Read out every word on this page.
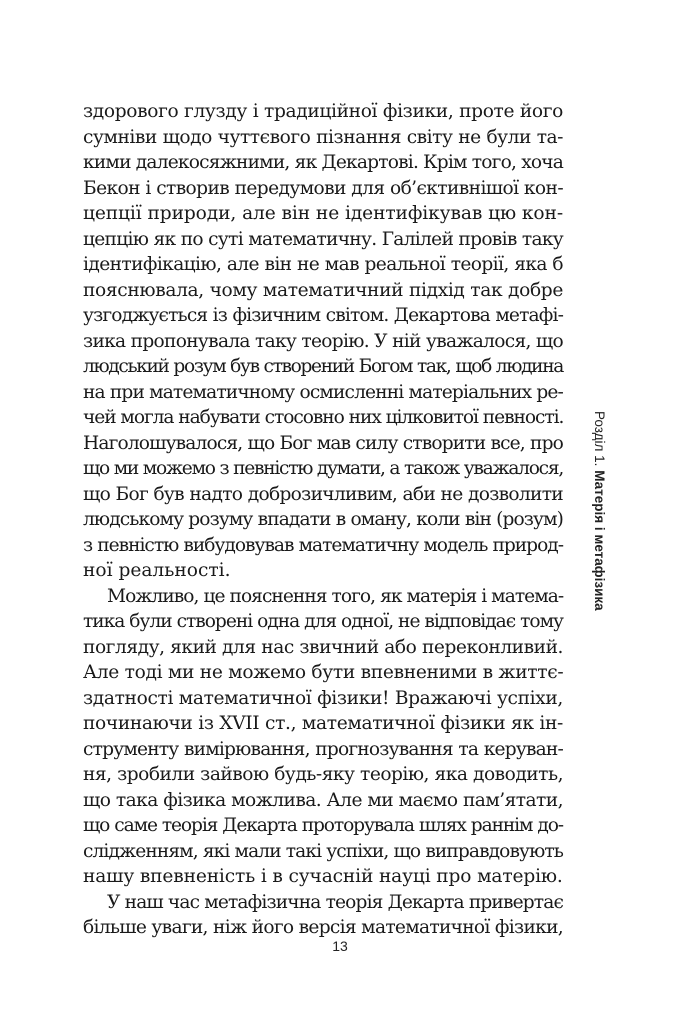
Розділ 1. Матерія і метафізика

здорового глузду і традиційної фізики, проте його
сумніви щодо чуттєвого пізнання світу не були та-
кими далекосяжними, як Декартові. Крім того, хоча
Бекон і створив передумови для об’єктивнішої кон-
цепції природи, але він не ідентифікував цю кон-
цепцію як по суті математичну. Галілей провів таку
ідентифікацію, але він не мав реальної теорії, яка б
пояснювала, чому математичний підхід так добре
узгоджується із фізичним світом. Декартова метафі-
зика пропонувала таку теорію. У ній уважалося, що
людський розум був створений Богом так, щоб людина
на при математичному осмисленні матеріальних ре-
чей могла набувати стосовно них цілковитої певності.
Наголошувалося, що Бог мав силу створити все, про
що ми можемо з певністю думати, а також уважалося,
що Бог був надто доброзичливим, аби не дозволити
людському розуму впадати в оману, коли він (розум)
з певністю вибудовував математичну модель природ-
ної реальності.

Можливо, це пояснення того, як матерія і матема-
тика були створені одна для одної, не відповідає тому
погляду, який для нас звичний або переконливий.
Але тоді ми не можемо бути впевненими в життє-
здатності математичної фізики! Вражаючі успіхи,
починаючи із XVII ст., математичної фізики як ін-
струменту вимірювання, прогнозування та керуван-
ня, зробили зайвою будь-яку теорію, яка доводить,
що така фізика можлива. Але ми маємо пам’ятати,
що саме теорія Декарта проторувала шлях раннім до-
слідженням, які мали такі успіхи, що виправдовують
нашу впевненість і в сучасній науці про матерію.

У наш час метафізична теорія Декарта привертає
більше уваги, ніж його версія математичної фізики,

13
